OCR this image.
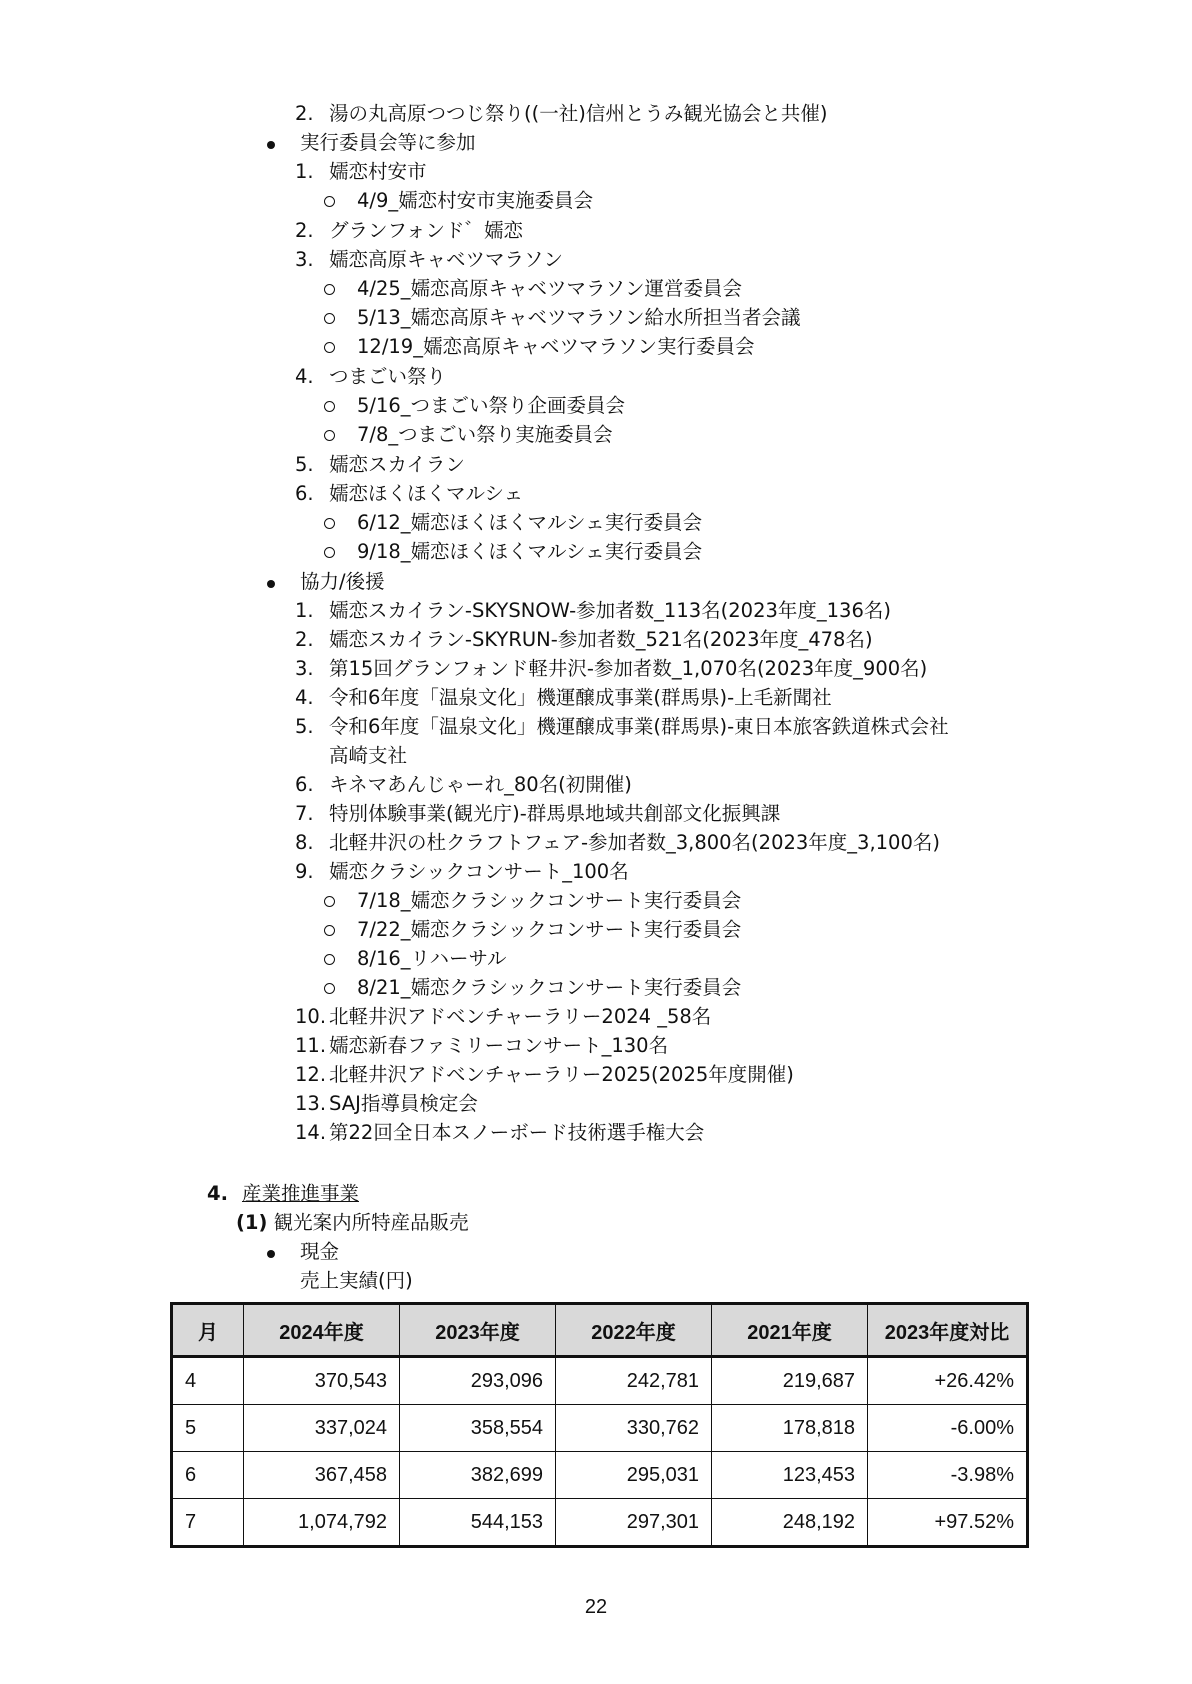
2. 湯の丸高原つつじ祭り((一社)信州とうみ観光協会と共催)
実行委員会等に参加
1. 嬬恋村安市
4/9_嬬恋村安市実施委員会
2. グランフォンド゛嬬恋
3. 嬬恋高原キャベツマラソン
4/25_嬬恋高原キャベツマラソン運営委員会
5/13_嬬恋高原キャベツマラソン給水所担当者会議
12/19_嬬恋高原キャベツマラソン実行委員会
4. つまごい祭り
5/16_つまごい祭り企画委員会
7/8_つまごい祭り実施委員会
5. 嬬恋スカイラン
6. 嬬恋ほくほくマルシェ
6/12_嬬恋ほくほくマルシェ実行委員会
9/18_嬬恋ほくほくマルシェ実行委員会
協力/後援
1. 嬬恋スカイラン-SKYSNOW-参加者数_113名(2023年度_136名)
2. 嬬恋スカイラン-SKYRUN-参加者数_521名(2023年度_478名)
3. 第15回グランフォンド軽井沢-参加者数_1,070名(2023年度_900名)
4. 令和6年度「温泉文化」機運醸成事業(群馬県)-上毛新聞社
5. 令和6年度「温泉文化」機運醸成事業(群馬県)-東日本旅客鉄道株式会社
高崎支社
6. キネマあんじゃーれ_80名(初開催)
7. 特別体験事業(観光庁)-群馬県地域共創部文化振興課
8. 北軽井沢の杜クラフトフェア-参加者数_3,800名(2023年度_3,100名)
9. 嬬恋クラシックコンサート_100名
7/18_嬬恋クラシックコンサート実行委員会
7/22_嬬恋クラシックコンサート実行委員会
8/16_リハーサル
8/21_嬬恋クラシックコンサート実行委員会
10. 北軽井沢アドベンチャーラリー2024 _58名
11. 嬬恋新春ファミリーコンサート_130名
12. 北軽井沢アドベンチャーラリー2025(2025年度開催)
13. SAJ指導員検定会
14. 第22回全日本スノーボード技術選手権大会
4. 産業推進事業
(1) 観光案内所特産品販売
現金
売上実績(円)
月	2024年度	2023年度	2022年度	2021年度	2023年度対比
4	370,543	293,096	242,781	219,687	+26.42%
5	337,024	358,554	330,762	178,818	-6.00%
6	367,458	382,699	295,031	123,453	-3.98%
7	1,074,792	544,153	297,301	248,192	+97.52%
22
